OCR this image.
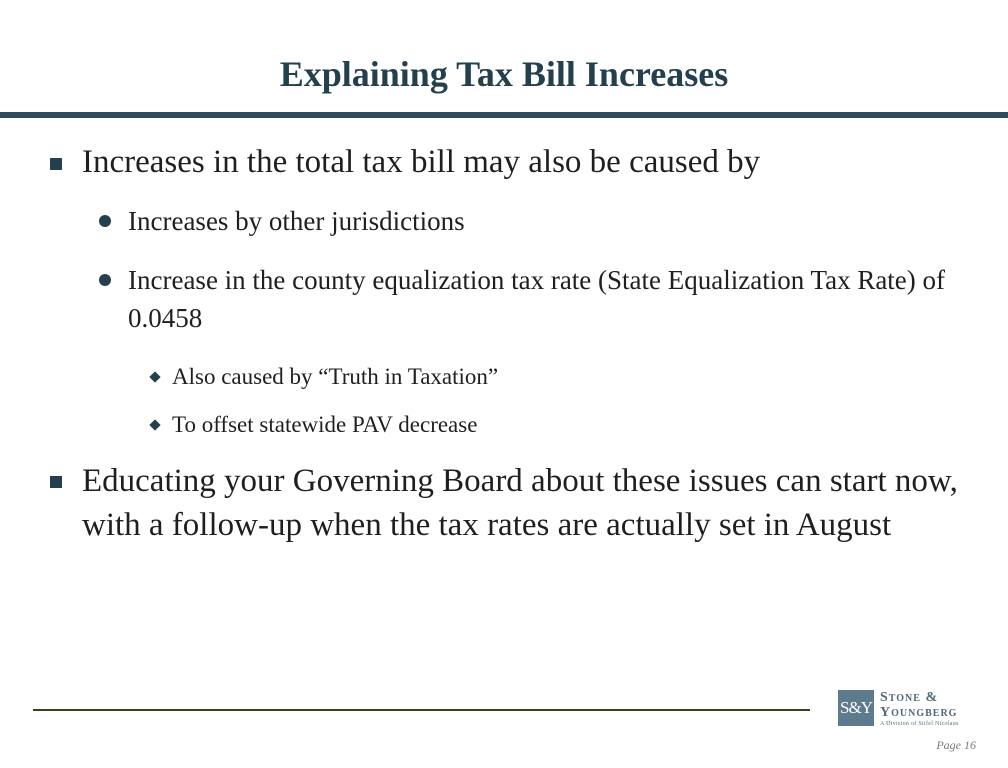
Explaining Tax Bill Increases
Increases in the total tax bill may also be caused by
Increases by other jurisdictions
Increase in the county equalization tax rate (State Equalization Tax Rate) of 0.0458
Also caused by “Truth in Taxation”
To offset statewide PAV decrease
Educating your Governing Board about these issues can start now, with a follow-up when the tax rates are actually set in August
S&Y
Stone &
Youngberg
A Division of Stifel Nicolaus
Page 16
